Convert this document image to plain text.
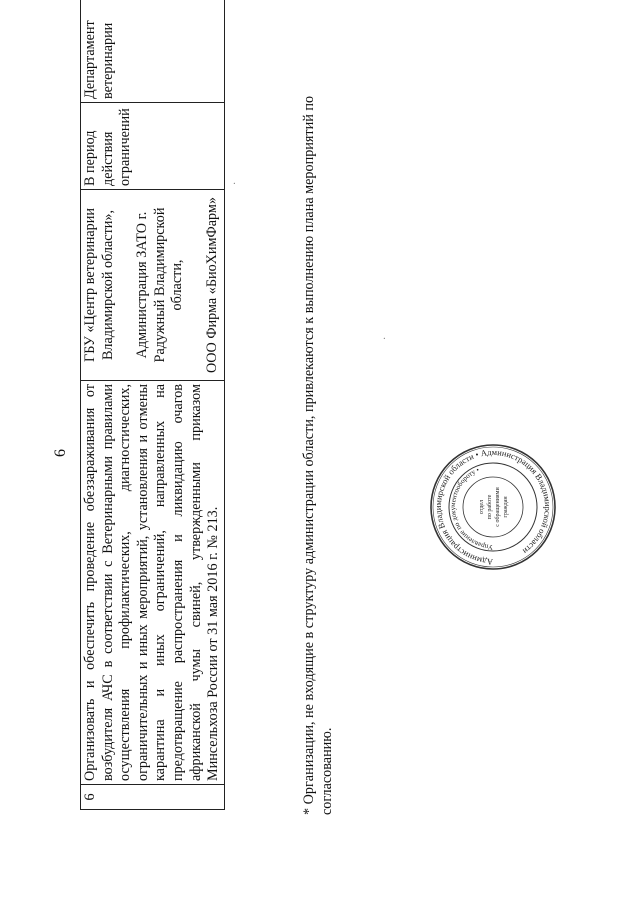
6
6	Организовать и обеспечить проведение обеззараживания от возбудителя АЧС в соответствии с Ветеринарными правилами осуществления профилактических, диагностических, ограничительных и иных мероприятий, установления и отмены карантина и иных ограничений, направленных на предотвращение распространения и ликвидацию очагов африканской чумы свиней, утвержденными приказом Минсельхоза России от 31 мая 2016 г. № 213.	ГБУ «Центр ветеринарии Владимирской области», Администрация ЗАТО г. Радужный Владимирской области, ООО Фирма «БиоХимФарм»	В период действия ограничений	Департамент ветеринарии
* Организации, не входящие в структуру администрации области, привлекаются к выполнению плана мероприятий по согласованию.
Администрация Владимирской области • Администрация Владимирской области
Управление по документообороту •
отдел по работе с обращениями граждан
·
·
